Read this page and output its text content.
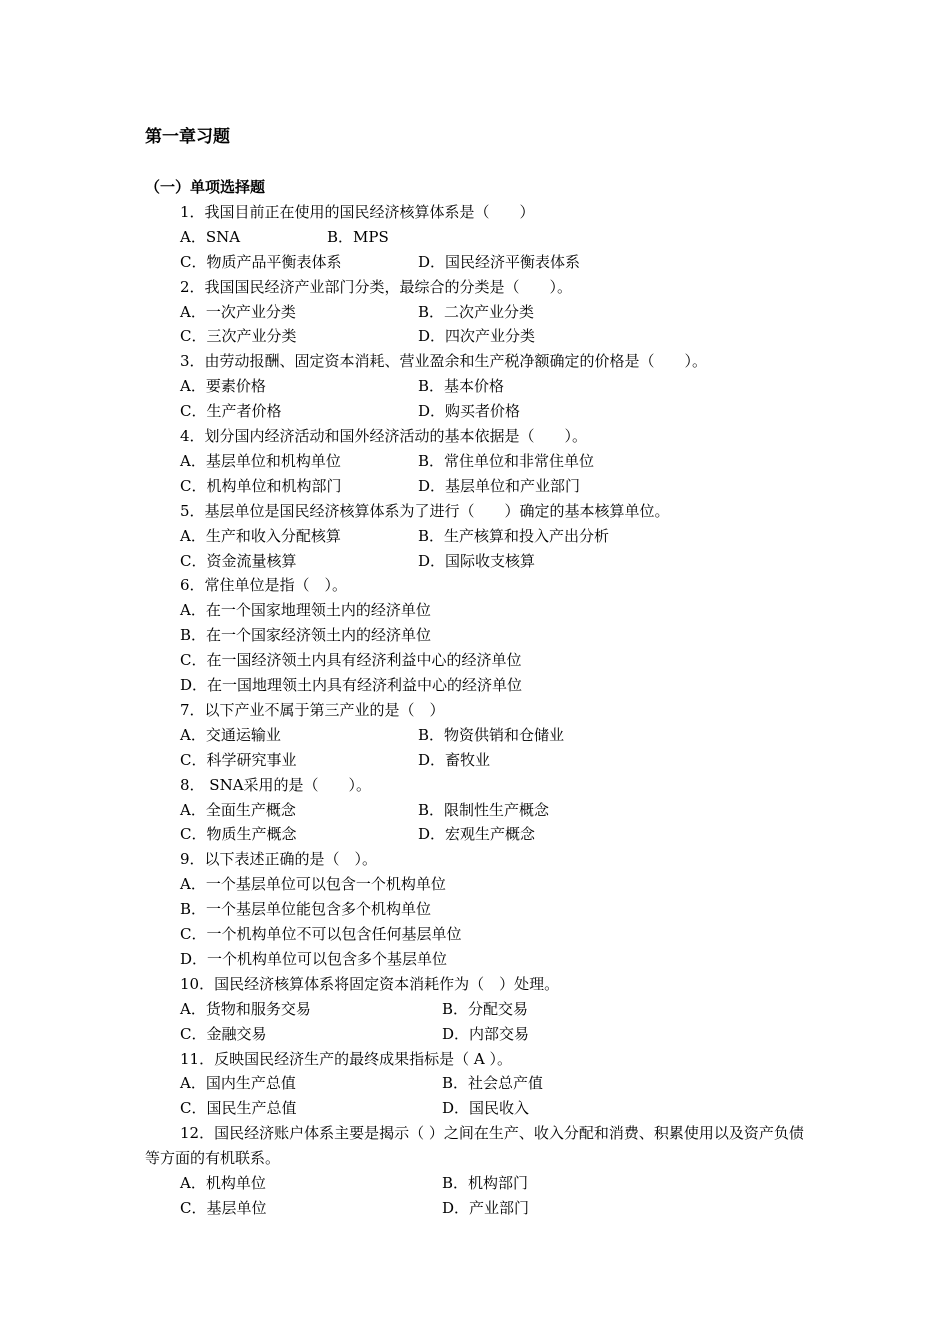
第一章习题
（一）单项选择题

1．我国目前正在使用的国民经济核算体系是（　　）

A．SNA	B．MPS
C．物质产品平衡表体系	D．国民经济平衡表体系

2．我国国民经济产业部门分类，最综合的分类是（　　）。

A．一次产业分类	B．二次产业分类
C．三次产业分类	D．四次产业分类

3．由劳动报酬、固定资本消耗、营业盈余和生产税净额确定的价格是（　　）。

A．要素价格	B．基本价格
C．生产者价格	D．购买者价格

4．划分国内经济活动和国外经济活动的基本依据是（　　）。

A．基层单位和机构单位	B．常住单位和非常住单位
C．机构单位和机构部门	D．基层单位和产业部门

5．基层单位是国民经济核算体系为了进行（　　）确定的基本核算单位。

A．生产和收入分配核算	B．生产核算和投入产出分析
C．资金流量核算	D．国际收支核算

6．常住单位是指（　）。

A．在一个国家地理领土内的经济单位
B．在一个国家经济领土内的经济单位
C．在一国经济领土内具有经济利益中心的经济单位
D．在一国地理领土内具有经济利益中心的经济单位

7．以下产业不属于第三产业的是（　）

A．交通运输业	B．物资供销和仓储业
C．科学研究事业	D．畜牧业

8． SNA采用的是（　　）。

A．全面生产概念	B．限制性生产概念
C．物质生产概念	D．宏观生产概念

9．以下表述正确的是（　）。

A．一个基层单位可以包含一个机构单位
B．一个基层单位能包含多个机构单位
C．一个机构单位不可以包含任何基层单位
D．一个机构单位可以包含多个基层单位

10．国民经济核算体系将固定资本消耗作为（　）处理。

A．货物和服务交易	B．分配交易
C．金融交易	D．内部交易

11．反映国民经济生产的最终成果指标是（ A ）。

A．国内生产总值	B．社会总产值
C．国民生产总值	D．国民收入

12．国民经济账户体系主要是揭示（ ）之间在生产、收入分配和消费、积累使用以及资产负债等方面的有机联系。

A．机构单位	B．机构部门
C．基层单位	D．产业部门
